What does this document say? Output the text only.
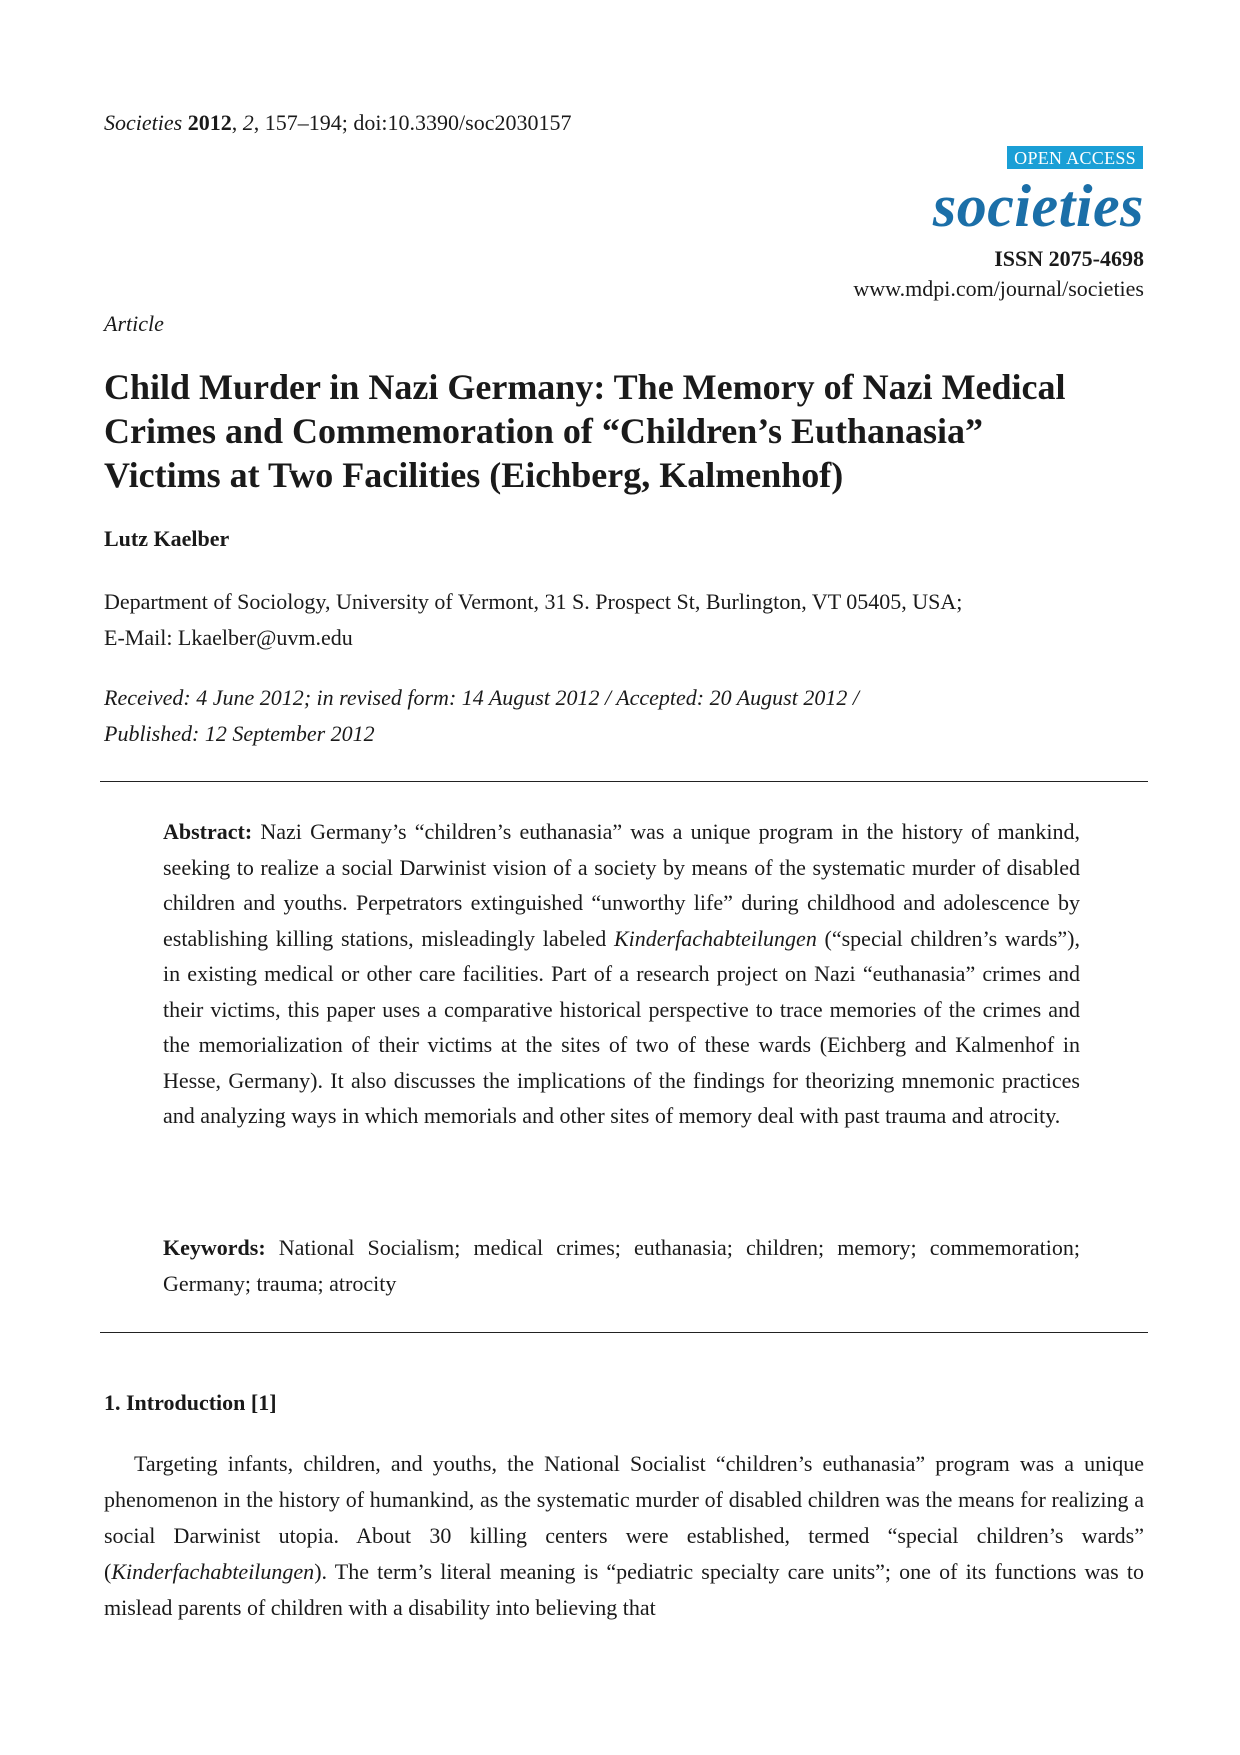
Societies 2012, 2, 157–194; doi:10.3390/soc2030157
OPEN ACCESS
societies
ISSN 2075-4698
www.mdpi.com/journal/societies
Article
Child Murder in Nazi Germany: The Memory of Nazi Medical
Crimes and Commemoration of “Children’s Euthanasia”
Victims at Two Facilities (Eichberg, Kalmenhof)
Lutz Kaelber
Department of Sociology, University of Vermont, 31 S. Prospect St, Burlington, VT 05405, USA;
E-Mail: Lkaelber@uvm.edu
Received: 4 June 2012; in revised form: 14 August 2012 / Accepted: 20 August 2012 /
Published: 12 September 2012

Abstract: Nazi Germany’s “children’s euthanasia” was a unique program in the history of mankind, seeking to realize a social Darwinist vision of a society by means of the systematic murder of disabled children and youths. Perpetrators extinguished “unworthy life” during childhood and adolescence by establishing killing stations, misleadingly labeled Kinderfachabteilungen (“special children’s wards”), in existing medical or other care facilities. Part of a research project on Nazi “euthanasia” crimes and their victims, this paper uses a comparative historical perspective to trace memories of the crimes and the memorialization of their victims at the sites of two of these wards (Eichberg and Kalmenhof in Hesse, Germany). It also discusses the implications of the findings for theorizing mnemonic practices and analyzing ways in which memorials and other sites of memory deal with past trauma and atrocity.

Keywords: National Socialism; medical crimes; euthanasia; children; memory; commemoration; Germany; trauma; atrocity

1. Introduction [1]

Targeting infants, children, and youths, the National Socialist “children’s euthanasia” program was a unique phenomenon in the history of humankind, as the systematic murder of disabled children was the means for realizing a social Darwinist utopia. About 30 killing centers were established, termed “special children’s wards” (Kinderfachabteilungen). The term’s literal meaning is “pediatric specialty care units”; one of its functions was to mislead parents of children with a disability into believing that
